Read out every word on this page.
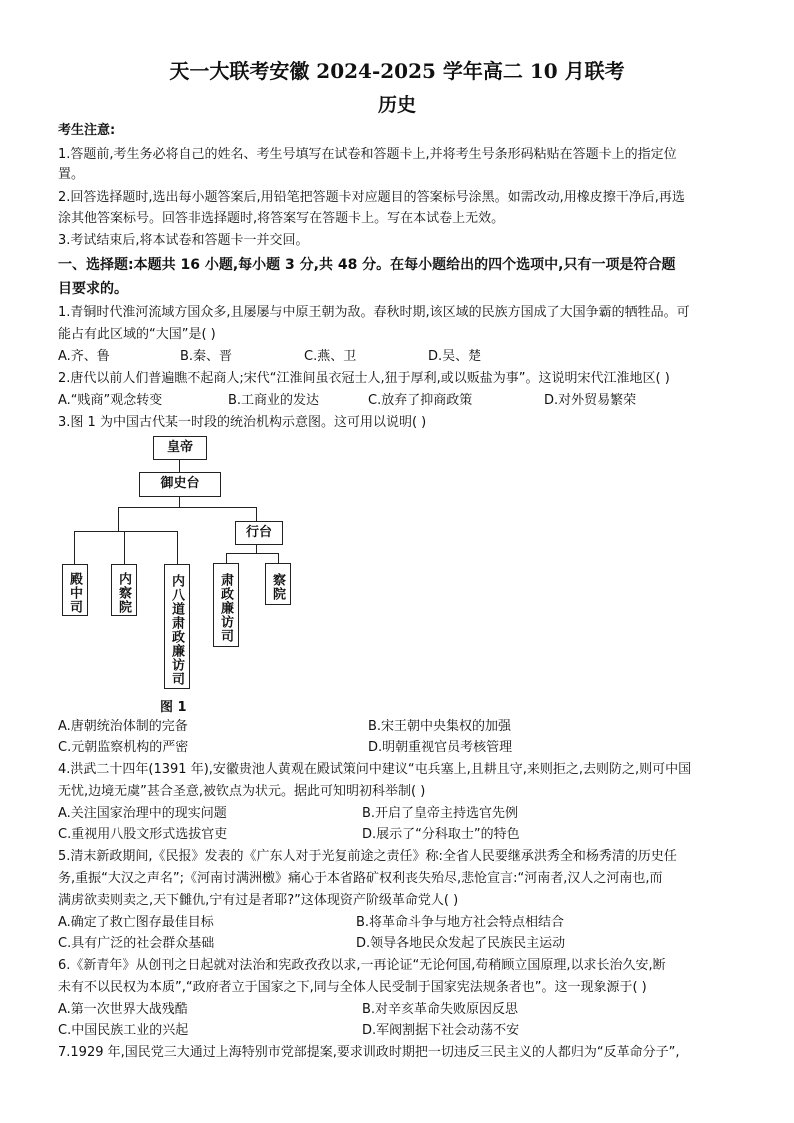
天一大联考安徽 2024-2025 学年高二 10 月联考
历史
考生注意:
1.答题前,考生务必将自己的姓名、考生号填写在试卷和答题卡上,并将考生号条形码粘贴在答题卡上的指定位
置。
2.回答选择题时,选出每小题答案后,用铅笔把答题卡对应题目的答案标号涂黑。如需改动,用橡皮擦干净后,再选
涂其他答案标号。回答非选择题时,将答案写在答题卡上。写在本试卷上无效。
3.考试结束后,将本试卷和答题卡一并交回。
一、选择题:本题共 16 小题,每小题 3 分,共 48 分。在每小题给出的四个选项中,只有一项是符合题
目要求的。
1.青铜时代淮河流域方国众多,且屡屡与中原王朝为敌。春秋时期,该区域的民族方国成了大国争霸的牺牲品。可
能占有此区域的“大国”是( )
A.齐、鲁	B.秦、晋	C.燕、卫	D.吴、楚
2.唐代以前人们普遍瞧不起商人;宋代“江淮间虽衣冠士人,狃于厚利,或以贩盐为事”。这说明宋代江淮地区( )
A.“贱商”观念转变	B.工商业的发达	C.放弃了抑商政策	D.对外贸易繁荣
3.图 1 为中国古代某一时段的统治机构示意图。这可用以说明( )
皇帝
御史台
行台
殿中司	内察院	内八道肃政廉访司	肃政廉访司	察院
图 1
A.唐朝统治体制的完备	B.宋王朝中央集权的加强
C.元朝监察机构的严密	D.明朝重视官员考核管理
4.洪武二十四年(1391 年),安徽贵池人黄观在殿试策问中建议“屯兵塞上,且耕且守,来则拒之,去则防之,则可中国
无忧,边境无虞”甚合圣意,被钦点为状元。据此可知明初科举制( )
A.关注国家治理中的现实问题	B.开启了皇帝主持选官先例
C.重视用八股文形式选拔官吏	D.展示了“分科取士”的特色
5.清末新政期间,《民报》发表的《广东人对于光复前途之责任》称:全省人民要继承洪秀全和杨秀清的历史任
务,重振“大汉之声名”;《河南讨满洲檄》痛心于本省路矿权利丧失殆尽,悲怆宣言:“河南者,汉人之河南也,而
满虏欲卖则卖之,天下雠仇,宁有过是者耶?”这体现资产阶级革命党人( )
A.确定了救亡图存最佳目标	B.将革命斗争与地方社会特点相结合
C.具有广泛的社会群众基础	D.领导各地民众发起了民族民主运动
6.《新青年》从创刊之日起就对法治和宪政孜孜以求,一再论证“无论何国,苟稍顾立国原理,以求长治久安,断
未有不以民权为本质”,“政府者立于国家之下,同与全体人民受制于国家宪法规条者也”。这一现象源于( )
A.第一次世界大战残酷	B.对辛亥革命失败原因反思
C.中国民族工业的兴起	D.军阀割据下社会动荡不安
7.1929 年,国民党三大通过上海特别市党部提案,要求训政时期把一切违反三民主义的人都归为“反革命分子”,
